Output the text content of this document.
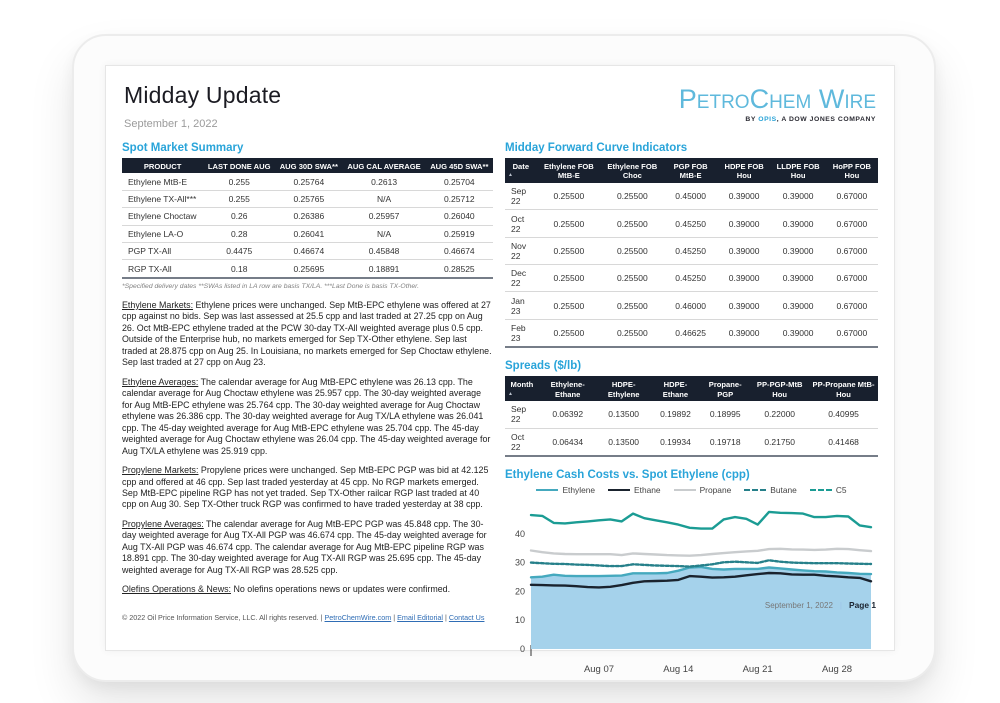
Midday Update
September 1, 2022
PETROCHEM WIRE
BY OPIS, A DOW JONES COMPANY
Spot Market Summary
PRODUCT	LAST DONE AUG	AUG 30D SWA**	AUG CAL AVERAGE	AUG 45D SWA**
Ethylene MtB-E	0.255	0.25764	0.2613	0.25704
Ethylene TX-All***	0.255	0.25765	N/A	0.25712
Ethylene Choctaw	0.26	0.26386	0.25957	0.26040
Ethylene LA-O	0.28	0.26041	N/A	0.25919
PGP TX-All	0.4475	0.46674	0.45848	0.46674
RGP TX-All	0.18	0.25695	0.18891	0.28525
*Specified delivery dates **SWAs listed in LA row are basis TX/LA. ***Last Done is basis TX-Other.

Ethylene Markets: Ethylene prices were unchanged. Sep MtB-EPC ethylene was offered at 27 cpp against no bids. Sep was last assessed at 25.5 cpp and last traded at 27.25 cpp on Aug 26. Oct MtB-EPC ethylene traded at the PCW 30-day TX-All weighted average plus 0.5 cpp. Outside of the Enterprise hub, no markets emerged for Sep TX-Other ethylene. Sep last traded at 28.875 cpp on Aug 25. In Louisiana, no markets emerged for Sep Choctaw ethylene. Sep last traded at 27 cpp on Aug 23.

Ethylene Averages: The calendar average for Aug MtB-EPC ethylene was 26.13 cpp. The calendar average for Aug Choctaw ethylene was 25.957 cpp. The 30-day weighted average for Aug MtB-EPC ethylene was 25.764 cpp. The 30-day weighted average for Aug Choctaw ethylene was 26.386 cpp. The 30-day weighted average for Aug TX/LA ethylene was 26.041 cpp. The 45-day weighted average for Aug MtB-EPC ethylene was 25.704 cpp. The 45-day weighted average for Aug Choctaw ethylene was 26.04 cpp. The 45-day weighted average for Aug TX/LA ethylene was 25.919 cpp.

Propylene Markets: Propylene prices were unchanged. Sep MtB-EPC PGP was bid at 42.125 cpp and offered at 46 cpp. Sep last traded yesterday at 45 cpp. No RGP markets emerged. Sep MtB-EPC pipeline RGP has not yet traded. Sep TX-Other railcar RGP last traded at 40 cpp on Aug 30. Sep TX-Other truck RGP was confirmed to have traded yesterday at 38 cpp.

Propylene Averages: The calendar average for Aug MtB-EPC PGP was 45.848 cpp. The 30-day weighted average for Aug TX-All PGP was 46.674 cpp. The 45-day weighted average for Aug TX-All PGP was 46.674 cpp. The calendar average for Aug MtB-EPC pipeline RGP was 18.891 cpp. The 30-day weighted average for Aug TX-All RGP was 25.695 cpp. The 45-day weighted average for Aug TX-All RGP was 28.525 cpp.

Olefins Operations & News: No olefins operations news or updates were confirmed.

© 2022 Oil Price Information Service, LLC. All rights reserved. | PetroChemWire.com | Email Editorial | Contact Us
Midday Forward Curve Indicators
Date
▲	Ethylene FOB MtB-E	Ethylene FOB Choc	PGP FOB MtB-E	HDPE FOB Hou	LLDPE FOB Hou	HoPP FOB Hou
Sep 22	0.25500	0.25500	0.45000	0.39000	0.39000	0.67000
Oct 22	0.25500	0.25500	0.45250	0.39000	0.39000	0.67000
Nov 22	0.25500	0.25500	0.45250	0.39000	0.39000	0.67000
Dec 22	0.25500	0.25500	0.45250	0.39000	0.39000	0.67000
Jan 23	0.25500	0.25500	0.46000	0.39000	0.39000	0.67000
Feb 23	0.25500	0.25500	0.46625	0.39000	0.39000	0.67000
Spreads ($/lb)
Month
▲	Ethylene-Ethane	HDPE-Ethylene	HDPE-Ethane	Propane-PGP	PP-PGP-MtB Hou	PP-Propane MtB-Hou
Sep 22	0.06392	0.13500	0.19892	0.18995	0.22000	0.40995
Oct 22	0.06434	0.13500	0.19934	0.19718	0.21750	0.41468
Ethylene Cash Costs vs. Spot Ethylene (cpp)
Ethylene	Ethane	Propane	Butane	C5
0
10
20
30
40
Aug 07	Aug 14	Aug 21	Aug 28
September 1, 2022 | Page 1
